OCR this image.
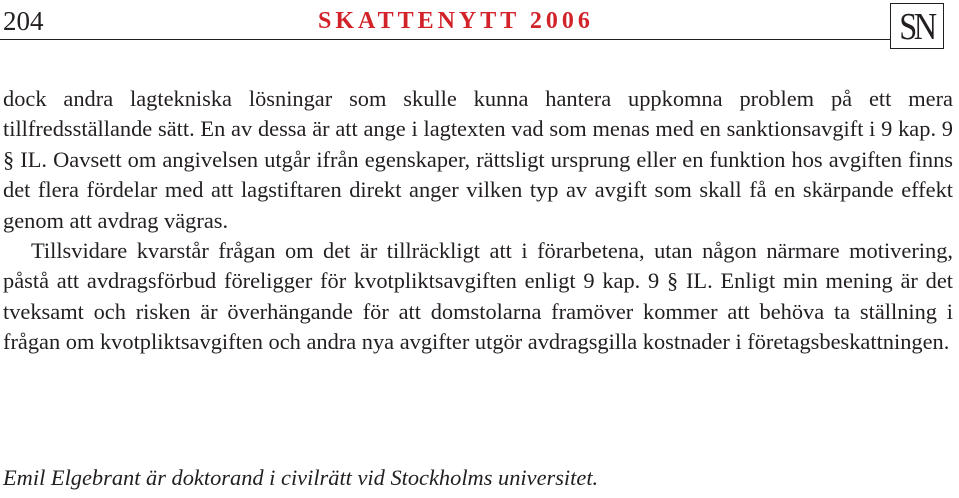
204	SKATTENYTT 2006	SN

dock andra lagtekniska lösningar som skulle kunna hantera uppkomna problem på ett mera tillfredsställande sätt. En av dessa är att ange i lagtexten vad som menas med en sanktionsavgift i 9 kap. 9 § IL. Oavsett om angivelsen utgår ifrån egenskaper, rättsligt ursprung eller en funktion hos avgiften finns det flera fördelar med att lagstiftaren direkt anger vilken typ av avgift som skall få en skärpande effekt genom att avdrag vägras.

Tillsvidare kvarstår frågan om det är tillräckligt att i förarbetena, utan någon närmare motivering, påstå att avdragsförbud föreligger för kvotpliktsavgiften enligt 9 kap. 9 § IL. Enligt min mening är det tveksamt och risken är överhängande för att domstolarna framöver kommer att behöva ta ställning i frågan om kvotpliktsavgiften och andra nya avgifter utgör avdragsgilla kostnader i företagsbeskattningen.

Emil Elgebrant är doktorand i civilrätt vid Stockholms universitet.
